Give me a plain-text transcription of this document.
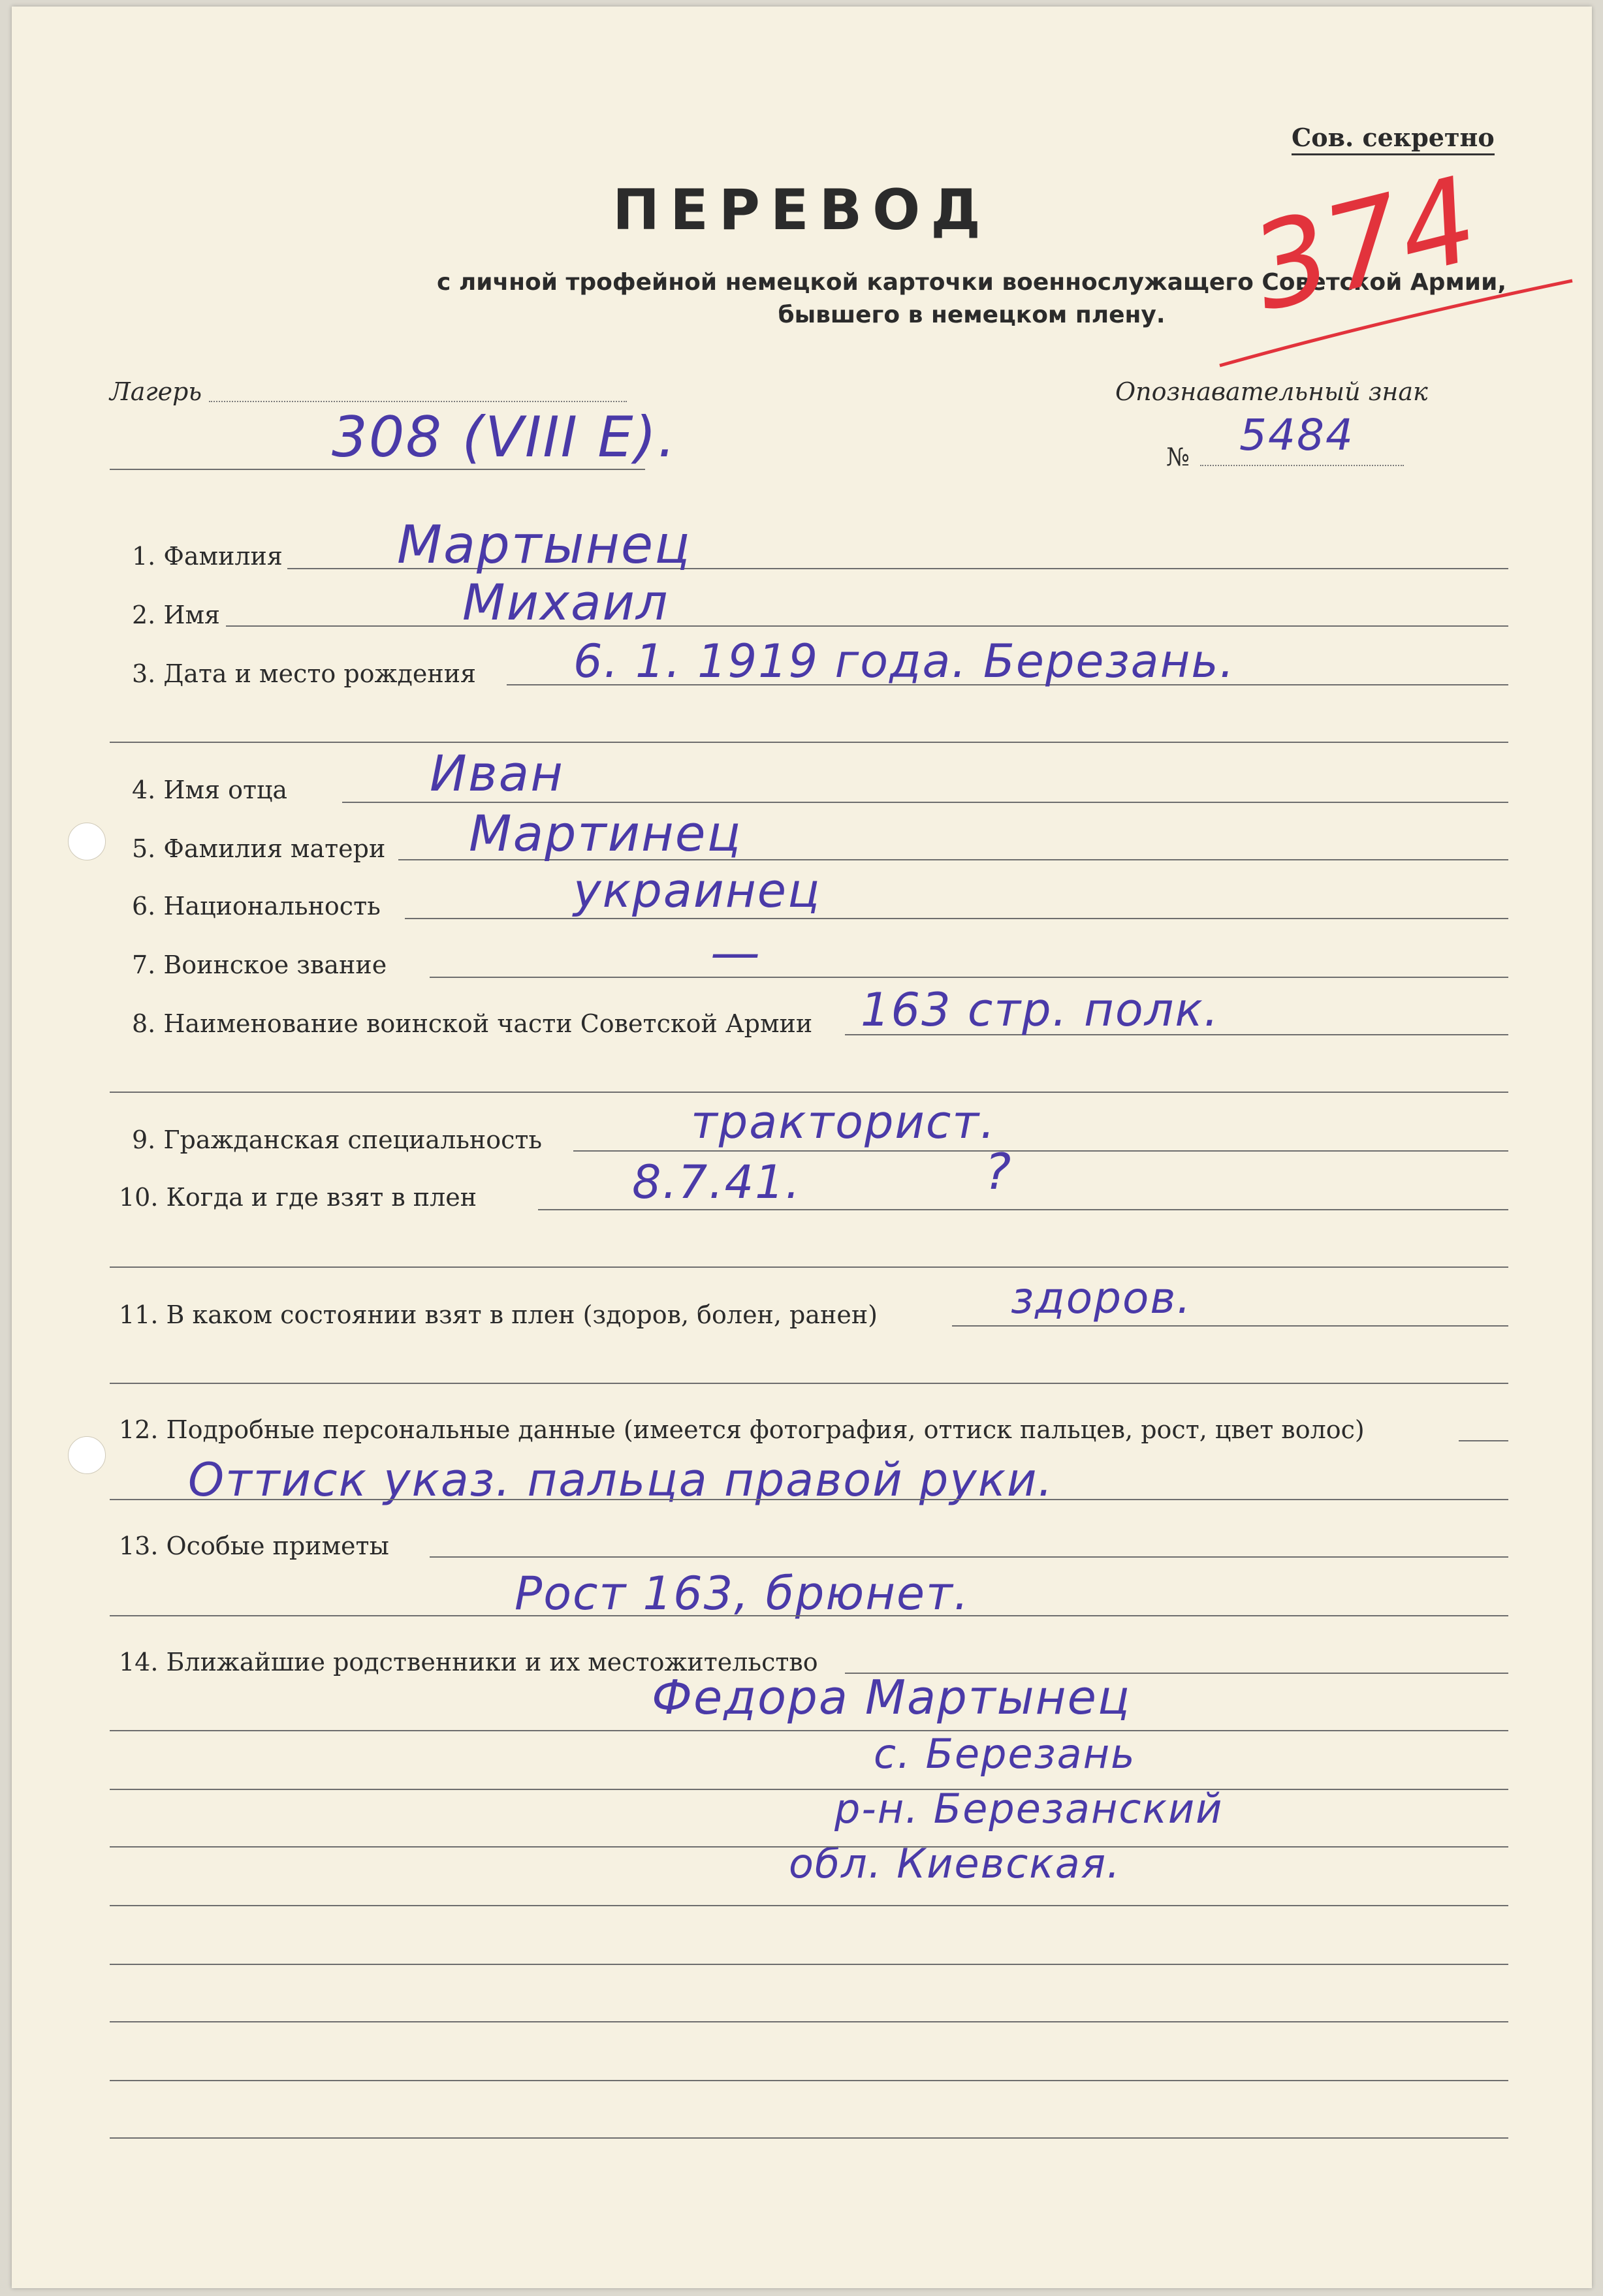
Сов. секретно
ПЕРЕВОД
с личной трофейной немецкой карточки военнослужащего Советской Армии,
бывшего в немецком плену. 374
Лагерь
308 (VIII E).
Опознавательный знак
№ 5484
1. Фамилия Мартынец
2. Имя	Михаил
3. Дата и место рождения 6. 1. 1919 года. Березань.
4. Имя отца	Иван
5. Фамилия матери Мартинец
6. Национальность	украинец
7. Воинское звание	—
8. Наименование воинской части Советской Армии 163 стр. полк.
9. Гражданская специальность	тракторист.
10. Когда и где взят в плен	8.7.41.	?
11. В каком состоянии взят в плен (здоров, болен, ранен)	здоров.
12. Подробные персональные данные (имеется фотография, оттиск пальцев, рост, цвет волос)
Оттиск указ. пальца правой руки.
13. Особые приметы
Рост 163, брюнет.
14. Ближайшие родственники и их местожительство
Федора Мартынец
с. Березань
р-н. Березанский
обл. Киевская.
